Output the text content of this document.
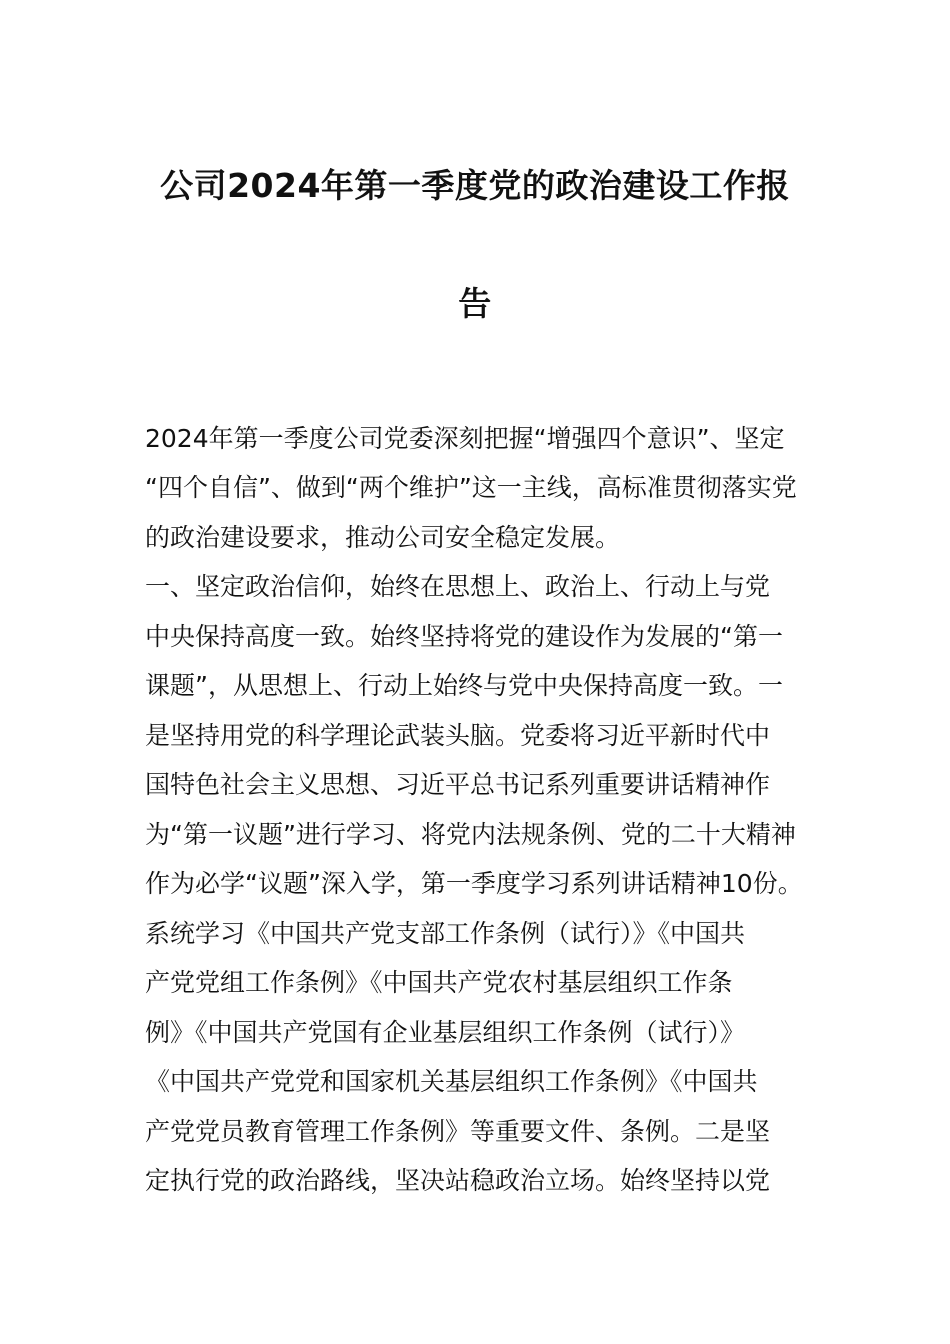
公司2024年第一季度党的政治建设工作报
告
2024年第一季度公司党委深刻把握“增强四个意识”、坚定
“四个自信”、做到“两个维护”这一主线，高标准贯彻落实党
的政治建设要求，推动公司安全稳定发展。
一、坚定政治信仰，始终在思想上、政治上、行动上与党
中央保持高度一致。始终坚持将党的建设作为发展的“第一
课题”，从思想上、行动上始终与党中央保持高度一致。一
是坚持用党的科学理论武装头脑。党委将习近平新时代中
国特色社会主义思想、习近平总书记系列重要讲话精神作
为“第一议题”进行学习、将党内法规条例、党的二十大精神
作为必学“议题”深入学，第一季度学习系列讲话精神10份。
系统学习《中国共产党支部工作条例（试行）》《中国共
产党党组工作条例》《中国共产党农村基层组织工作条
例》《中国共产党国有企业基层组织工作条例（试行）》
《中国共产党党和国家机关基层组织工作条例》《中国共
产党党员教育管理工作条例》等重要文件、条例。二是坚
定执行党的政治路线，坚决站稳政治立场。始终坚持以党
